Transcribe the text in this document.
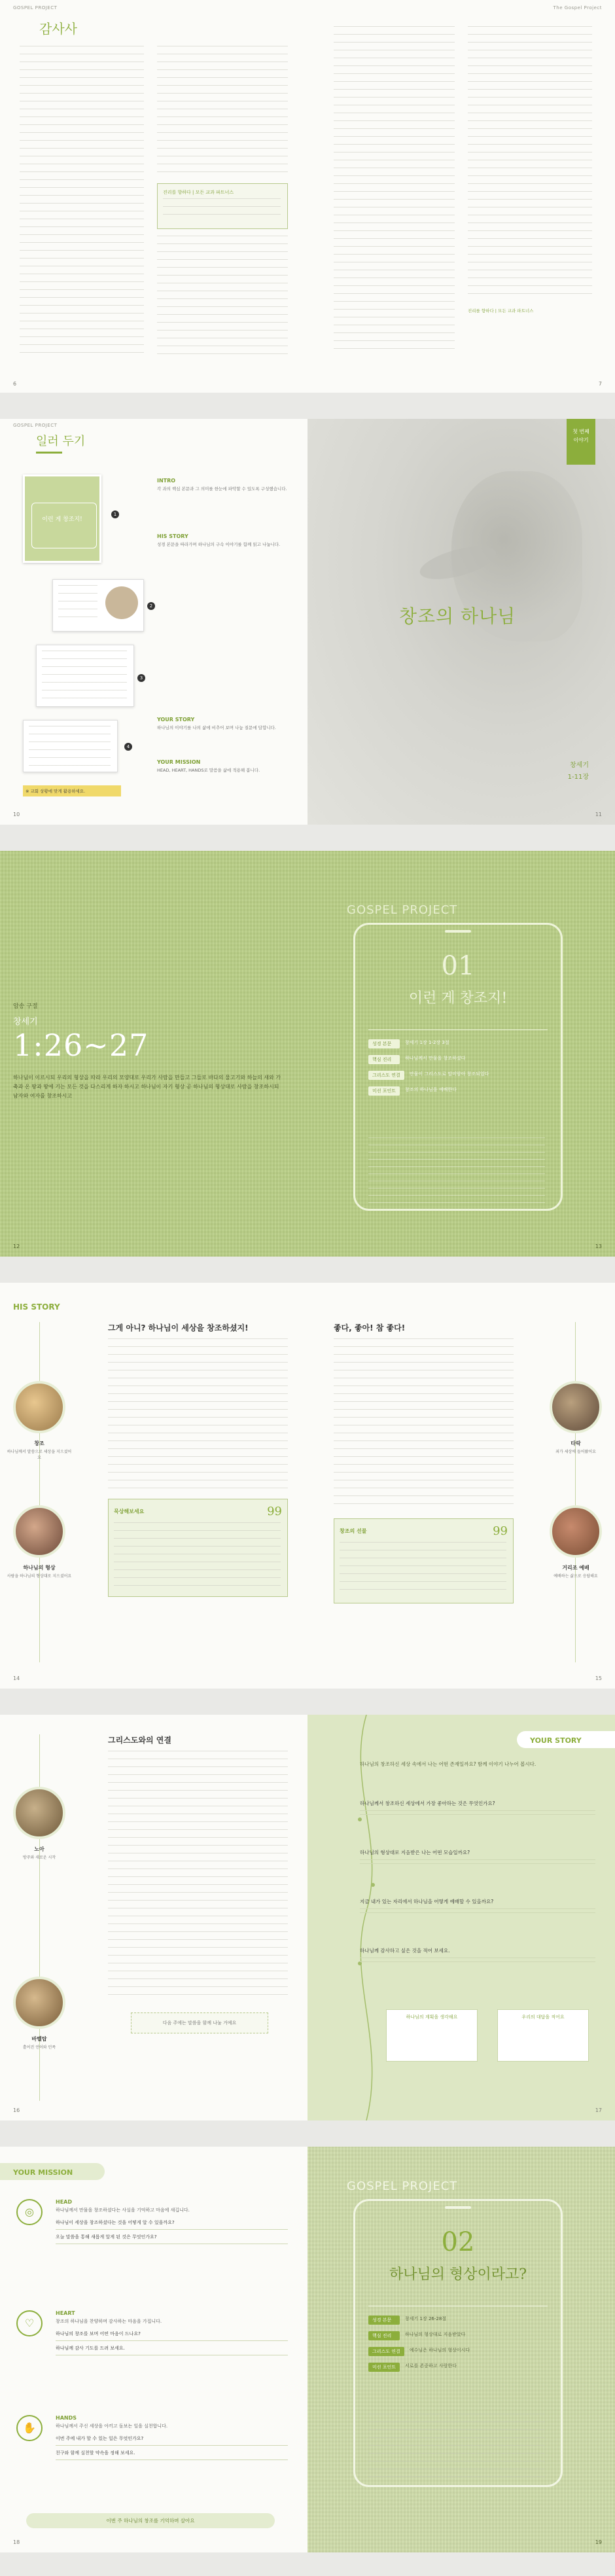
GOSPEL PROJECT
감사사
진리를 향하다 | 모든 교과 파트너스
6
The Gospel Project
진리를 향하다 | 모든 교과 파트너스
7
GOSPEL PROJECT
일러 두기
이런 게 창조지!
1
2
3
4
INTRO
각 과의 핵심 본문과 그 의미를 한눈에 파악할 수 있도록 구성했습니다.
HIS STORY
성경 본문을 따라가며 하나님의 구속 이야기를 함께 읽고 나눕니다.
YOUR STORY
하나님의 이야기를 나의 삶에 비추어 보며 나눔 질문에 답합니다.
YOUR MISSION
HEAD, HEART, HANDS로 말씀을 삶에 적용해 봅니다.
※ 교회 상황에 맞게 활용하세요.
10
첫 번째
이야기
창조의 하나님
창세기
1-11장
11
암송 구절
창세기
1:26~27
하나님이 이르시되 우리의 형상을 따라 우리의 모양대로 우리가 사람을 만들고 그들로 바다의 물고기와 하늘의 새와 가축과 온 땅과 땅에 기는 모든 것을 다스리게 하자 하시고 하나님이 자기 형상 곧 하나님의 형상대로 사람을 창조하시되 남자와 여자를 창조하시고
12
GOSPEL PROJECT
01
이런 게 창조지!
성경 본문	창세기 1장 1-2장 3절
핵심 진리	하나님께서 만물을 창조하셨다
그리스도 연결	만물이 그리스도로 말미암아 창조되었다
미션 포인트	창조의 하나님을 예배한다
13
HIS STORY
창조
하나님께서 말씀으로 세상을 지으셨어요
하나님의 형상
사람을 하나님의 형상대로 지으셨어요
그게 아니? 하나님이 세상을 창조하셨지!
묵상해보세요	99
14
좋다, 좋아! 참 좋다!
창조의 선물	99
타락
죄가 세상에 들어왔어요
거리조 예배
예배하는 삶으로 응답해요
15
그리스도와의 연결
노아
방주와 새로운 시작
바벨탑
흩어진 언어와 민족
다음 주에는 말씀을 함께 나눌 거예요
16
YOUR STORY
하나님의 창조하신 세상 속에서 나는 어떤 존재일까요? 함께 이야기 나누어 봅시다.
하나님께서 창조하신 세상에서 가장 좋아하는 것은 무엇인가요?
하나님의 형상대로 지음받은 나는 어떤 모습일까요?
지금 내가 있는 자리에서 하나님을 어떻게 예배할 수 있을까요?
하나님께 감사하고 싶은 것을 적어 보세요.
하나님의 계획을 생각해요	우리의 대답을 적어요
17
YOUR MISSION
◎
HEAD
하나님께서 만물을 창조하셨다는 사실을 기억하고 마음에 새깁니다.
하나님이 세상을 창조하셨다는 것을 어떻게 알 수 있을까요?
오늘 말씀을 통해 새롭게 알게 된 것은 무엇인가요?
♡
HEART
창조의 하나님을 찬양하며 감사하는 마음을 가집니다.
하나님의 창조를 보며 어떤 마음이 드나요?
하나님께 감사 기도를 드려 보세요.
✋
HANDS
하나님께서 주신 세상을 아끼고 돌보는 일을 실천합니다.
이번 주에 내가 할 수 있는 일은 무엇인가요?
친구와 함께 실천할 약속을 정해 보세요.
이번 주 하나님의 창조를 기억하며 살아요
18
GOSPEL PROJECT
02
하나님의 형상이라고?
성경 본문	창세기 1장 26-28절
핵심 진리	하나님의 형상대로 지음받았다
그리스도 연결	예수님은 하나님의 형상이시다
미션 포인트	서로를 존중하고 사랑한다
19
